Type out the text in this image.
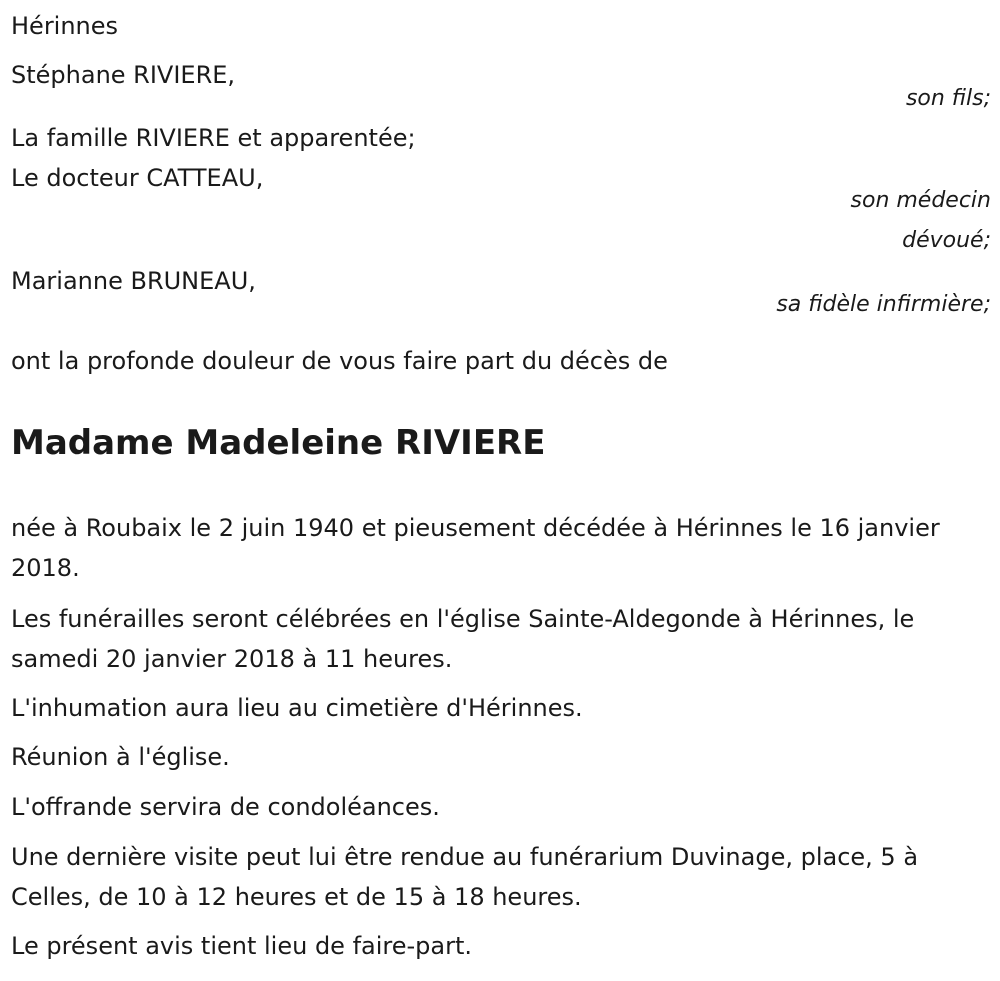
Hérinnes
Stéphane RIVIERE,
son fils;
La famille RIVIERE et apparentée;
Le docteur CATTEAU,
son médecin
dévoué;
Marianne BRUNEAU,
sa fidèle infirmière;
ont la profonde douleur de vous faire part du décès de
Madame Madeleine RIVIERE
née à Roubaix le 2 juin 1940 et pieusement décédée à Hérinnes le 16 janvier 2018.
Les funérailles seront célébrées en l'église Sainte-Aldegonde à Hérinnes, le samedi 20 janvier 2018 à 11 heures.
L'inhumation aura lieu au cimetière d'Hérinnes.
Réunion à l'église.
L'offrande servira de condoléances.
Une dernière visite peut lui être rendue au funérarium Duvinage, place, 5 à Celles, de 10 à 12 heures et de 15 à 18 heures.
Le présent avis tient lieu de faire-part.
